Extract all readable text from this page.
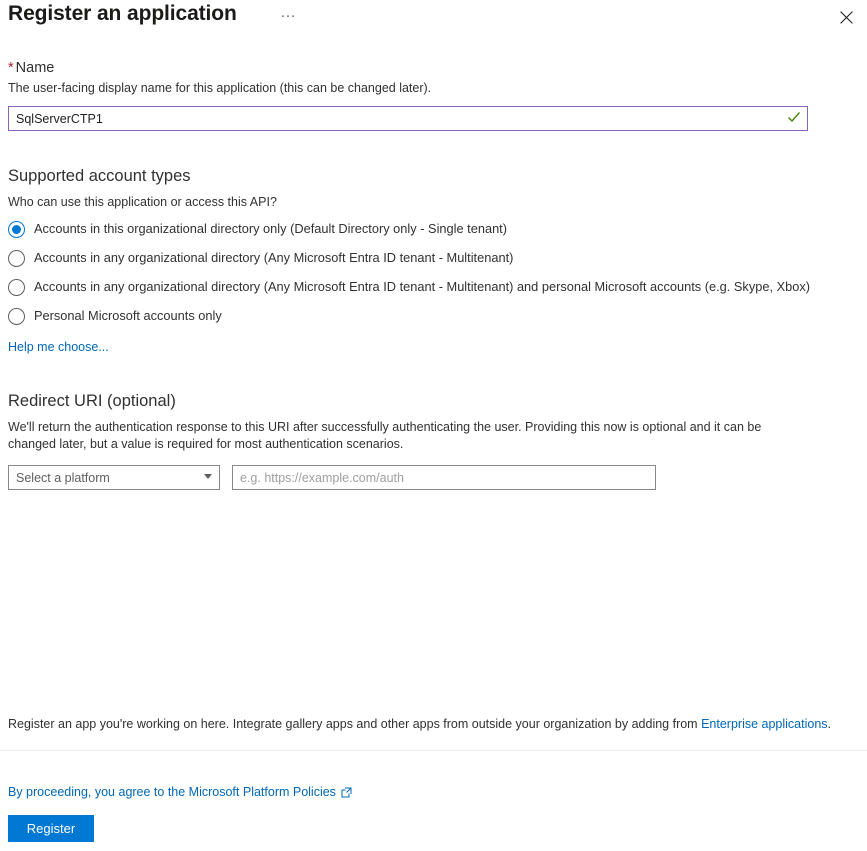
Register an application	···
* Name
The user-facing display name for this application (this can be changed later).
SqlServerCTP1
Supported account types
Who can use this application or access this API?
Accounts in this organizational directory only (Default Directory only - Single tenant)
Accounts in any organizational directory (Any Microsoft Entra ID tenant - Multitenant)
Accounts in any organizational directory (Any Microsoft Entra ID tenant - Multitenant) and personal Microsoft accounts (e.g. Skype, Xbox)
Personal Microsoft accounts only
Help me choose...
Redirect URI (optional)
We'll return the authentication response to this URI after successfully authenticating the user. Providing this now is optional and it can be changed later, but a value is required for most authentication scenarios.
Select a platform
e.g. https://example.com/auth
Register an app you're working on here. Integrate gallery apps and other apps from outside your organization by adding from Enterprise applications.
By proceeding, you agree to the Microsoft Platform Policies
Register
